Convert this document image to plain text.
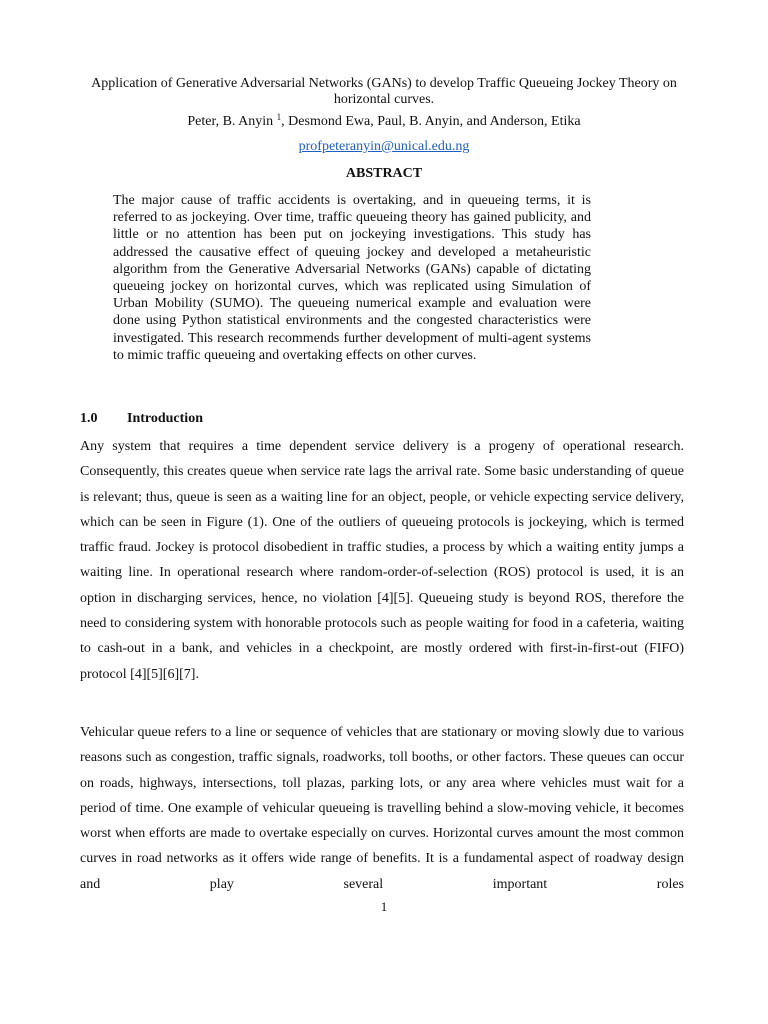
Application of Generative Adversarial Networks (GANs) to develop Traffic Queueing Jockey Theory on horizontal curves.
Peter, B. Anyin $^1$, Desmond Ewa, Paul, B. Anyin, and Anderson, Etika
profpeteranyin@unical.edu.ng
ABSTRACT

The major cause of traffic accidents is overtaking, and in queueing terms, it is referred to as jockeying. Over time, traffic queueing theory has gained publicity, and little or no attention has been put on jockeying investigations. This study has addressed the causative effect of queuing jockey and developed a metaheuristic algorithm from the Generative Adversarial Networks (GANs) capable of dictating queueing jockey on horizontal curves, which was replicated using Simulation of Urban Mobility (SUMO). The queueing numerical example and evaluation were done using Python statistical environments and the congested characteristics were investigated. This research recommends further development of multi-agent systems to mimic traffic queueing and overtaking effects on other curves.

1.0 Introduction

Any system that requires a time dependent service delivery is a progeny of operational research. Consequently, this creates queue when service rate lags the arrival rate. Some basic understanding of queue is relevant; thus, queue is seen as a waiting line for an object, people, or vehicle expecting service delivery, which can be seen in Figure (1). One of the outliers of queueing protocols is jockeying, which is termed traffic fraud. Jockey is protocol disobedient in traffic studies, a process by which a waiting entity jumps a waiting line. In operational research where random-order-of-selection (ROS) protocol is used, it is an option in discharging services, hence, no violation [4][5]. Queueing study is beyond ROS, therefore the need to considering system with honorable protocols such as people waiting for food in a cafeteria, waiting to cash-out in a bank, and vehicles in a checkpoint, are mostly ordered with first-in-first-out (FIFO) protocol [4][5][6][7].

Vehicular queue refers to a line or sequence of vehicles that are stationary or moving slowly due to various reasons such as congestion, traffic signals, roadworks, toll booths, or other factors. These queues can occur on roads, highways, intersections, toll plazas, parking lots, or any area where vehicles must wait for a period of time. One example of vehicular queueing is travelling behind a slow-moving vehicle, it becomes worst when efforts are made to overtake especially on curves. Horizontal curves amount the most common curves in road networks as it offers wide range of benefits. It is a fundamental aspect of roadway design and play several important roles

1
